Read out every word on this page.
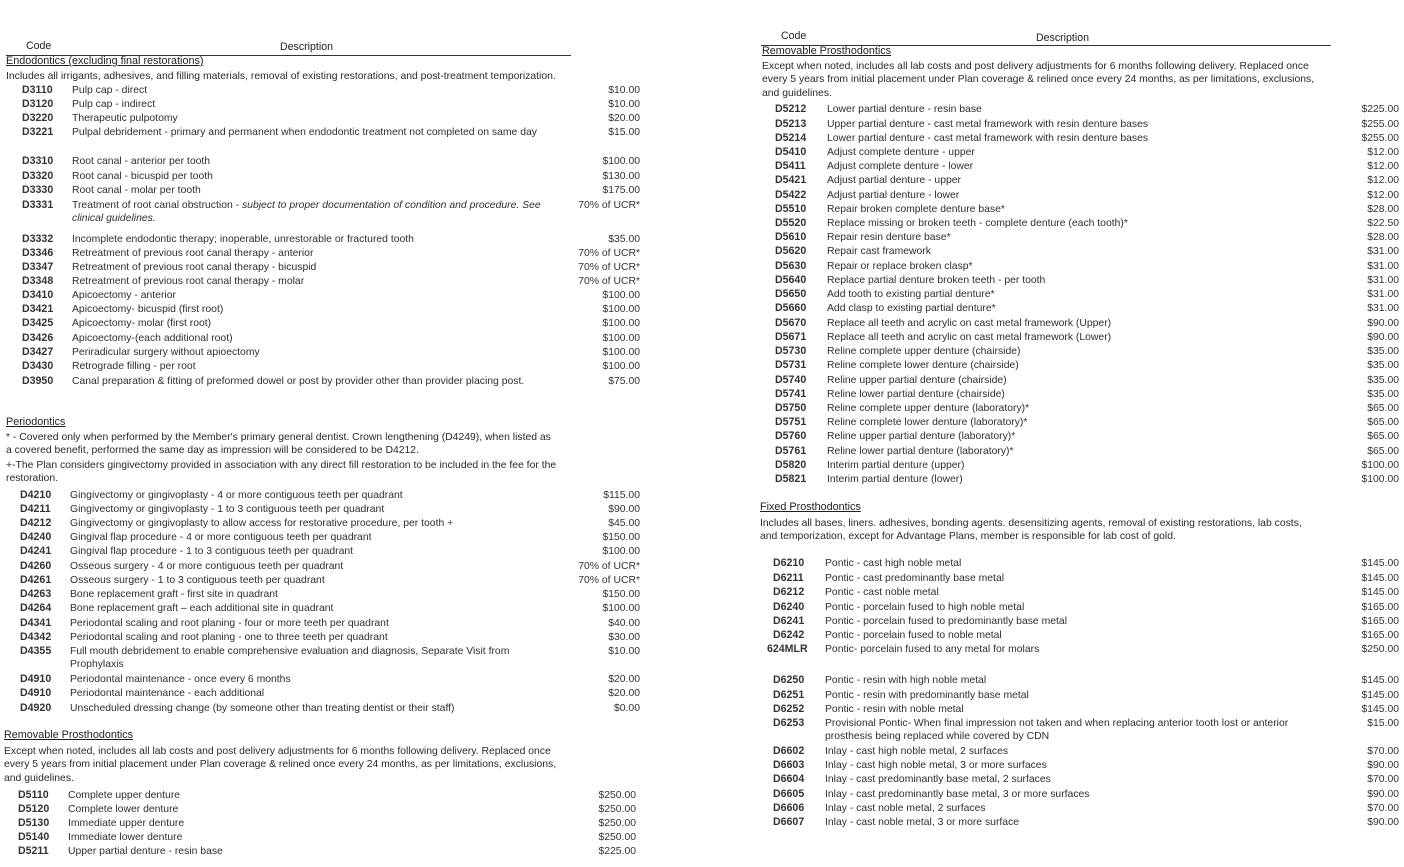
Code	Description
Endodontics (excluding final restorations)
Includes all irrigants, adhesives, and filling materials, removal of existing restorations, and post-treatment temporization.
D3110 Pulp cap - direct	$10.00
D3120 Pulp cap - indirect	$10.00
D3220 Therapeutic pulpotomy	$20.00
D3221 Pulpal debridement - primary and permanent when endodontic treatment not completed on same day	$15.00
D3310 Root canal - anterior per tooth	$100.00
D3320 Root canal - bicuspid per tooth	$130.00
D3330 Root canal - molar per tooth	$175.00
D3331 Treatment of root canal obstruction - subject to proper documentation of condition and procedure. See clinical guidelines.
70% of UCR*
D3332 Incomplete endodontic therapy; inoperable, unrestorable or fractured tooth	$35.00
D3346 Retreatment of previous root canal therapy - anterior	70% of UCR*
D3347 Retreatment of previous root canal therapy - bicuspid	70% of UCR*
D3348 Retreatment of previous root canal therapy - molar	70% of UCR*
D3410 Apicoectomy - anterior	$100.00
D3421 Apicoectomy- bicuspid (first root)	$100.00
D3425 Apicoectomy- molar (first root)	$100.00
D3426 Apicoectomy-(each additional root)	$100.00
D3427 Periradicular surgery without apioectomy	$100.00
D3430 Retrograde filling - per root	$100.00
D3950 Canal preparation & fitting of preformed dowel or post by provider other than provider placing post.	$75.00
Periodontics
* - Covered only when performed by the Member's primary general dentist. Crown lengthening (D4249), when listed as a covered benefit, performed the same day as impression will be considered to be D4212.
+-The Plan considers gingivectomy provided in association with any direct fill restoration to be included in the fee for the restoration.
D4210 Gingivectomy or gingivoplasty - 4 or more contiguous teeth per quadrant	$115.00
D4211 Gingivectomy or gingivoplasty - 1 to 3 contiguous teeth per quadrant	$90.00
D4212 Gingivectomy or gingivoplasty to allow access for restorative procedure, per tooth +	$45.00
D4240 Gingival flap procedure - 4 or more contiguous teeth per quadrant	$150.00
D4241 Gingival flap procedure - 1 to 3 contiguous teeth per quadrant	$100.00
D4260 Osseous surgery - 4 or more contiguous teeth per quadrant	70% of UCR*
D4261 Osseous surgery - 1 to 3 contiguous teeth per quadrant	70% of UCR*
D4263 Bone replacement graft - first site in quadrant	$150.00
D4264 Bone replacement graft – each additional site in quadrant	$100.00
D4341 Periodontal scaling and root planing - four or more teeth per quadrant	$40.00
D4342 Periodontal scaling and root planing - one to three teeth per quadrant	$30.00
D4355 Full mouth debridement to enable comprehensive evaluation and diagnosis, Separate Visit from Prophylaxis
$10.00
D4910 Periodontal maintenance - once every 6 months	$20.00
D4910 Periodontal maintenance - each additional	$20.00
D4920 Unscheduled dressing change (by someone other than treating dentist or their staff)	$0.00
Removable Prosthodontics
Except when noted, includes all lab costs and post delivery adjustments for 6 months following delivery. Replaced once every 5 years from initial placement under Plan coverage & relined once every 24 months, as per limitations, exclusions, and guidelines.
D5110 Complete upper denture	$250.00
D5120 Complete lower denture	$250.00
D5130 Immediate upper denture	$250.00
D5140 Immediate lower denture	$250.00
D5211 Upper partial denture - resin base	$225.00
Code	Description
Removable Prosthodontics
Except when noted, includes all lab costs and post delivery adjustments for 6 months following delivery. Replaced once every 5 years from initial placement under Plan coverage & relined once every 24 months, as per limitations, exclusions, and guidelines.
D5212 Lower partial denture - resin base	$225.00
D5213 Upper partial denture - cast metal framework with resin denture bases	$255.00
D5214 Lower partial denture - cast metal framework with resin denture bases	$255.00
D5410 Adjust complete denture - upper	$12.00
D5411 Adjust complete denture - lower	$12.00
D5421 Adjust partial denture - upper	$12.00
D5422 Adjust partial denture - lower	$12.00
D5510 Repair broken complete denture base*	$28.00
D5520 Replace missing or broken teeth - complete denture (each tooth)*	$22.50
D5610 Repair resin denture base*	$28.00
D5620 Repair cast framework	$31.00
D5630 Repair or replace broken clasp*	$31.00
D5640 Replace partial denture broken teeth - per tooth	$31.00
D5650 Add tooth to existing partial denture*	$31.00
D5660 Add clasp to existing partial denture*	$31.00
D5670 Replace all teeth and acrylic on cast metal framework (Upper)	$90.00
D5671 Replace all teeth and acrylic on cast metal framework (Lower)	$90.00
D5730 Reline complete upper denture (chairside)	$35.00
D5731 Reline complete lower denture (chairside)	$35.00
D5740 Reline upper partial denture (chairside)	$35.00
D5741 Reline lower partial denture (chairside)	$35.00
D5750 Reline complete upper denture (laboratory)*	$65.00
D5751 Reline complete lower denture (laboratory)*	$65.00
D5760 Reline upper partial denture (laboratory)*	$65.00
D5761 Reline lower partial denture (laboratory)*	$65.00
D5820 Interim partial denture (upper)	$100.00
D5821 Interim partial denture (lower)	$100.00
Fixed Prosthodontics
Includes all bases, liners. adhesives, bonding agents. desensitizing agents, removal of existing restorations, lab costs, and temporization, except for Advantage Plans, member is responsible for lab cost of gold.
D6210 Pontic - cast high noble metal	$145.00
D6211 Pontic - cast predominantly base metal	$145.00
D6212 Pontic - cast noble metal	$145.00
D6240 Pontic - porcelain fused to high noble metal	$165.00
D6241 Pontic - porcelain fused to predominantly base metal	$165.00
D6242 Pontic - porcelain fused to noble metal	$165.00
624MLR Pontic- porcelain fused to any metal for molars	$250.00
D6250 Pontic - resin with high noble metal	$145.00
D6251 Pontic - resin with predominantly base metal	$145.00
D6252 Pontic - resin with noble metal	$145.00
D6253 Provisional Pontic- When final impression not taken and when replacing anterior tooth lost or anterior prosthesis being replaced while covered by CDN
$15.00
D6602 Inlay - cast high noble metal, 2 surfaces	$70.00
D6603 Inlay - cast high noble metal, 3 or more surfaces	$90.00
D6604 Inlay - cast predominantly base metal, 2 surfaces	$70.00
D6605 Inlay - cast predominantly base metal, 3 or more surfaces	$90.00
D6606 Inlay - cast noble metal, 2 surfaces	$70.00
D6607 Inlay - cast noble metal, 3 or more surface	$90.00
